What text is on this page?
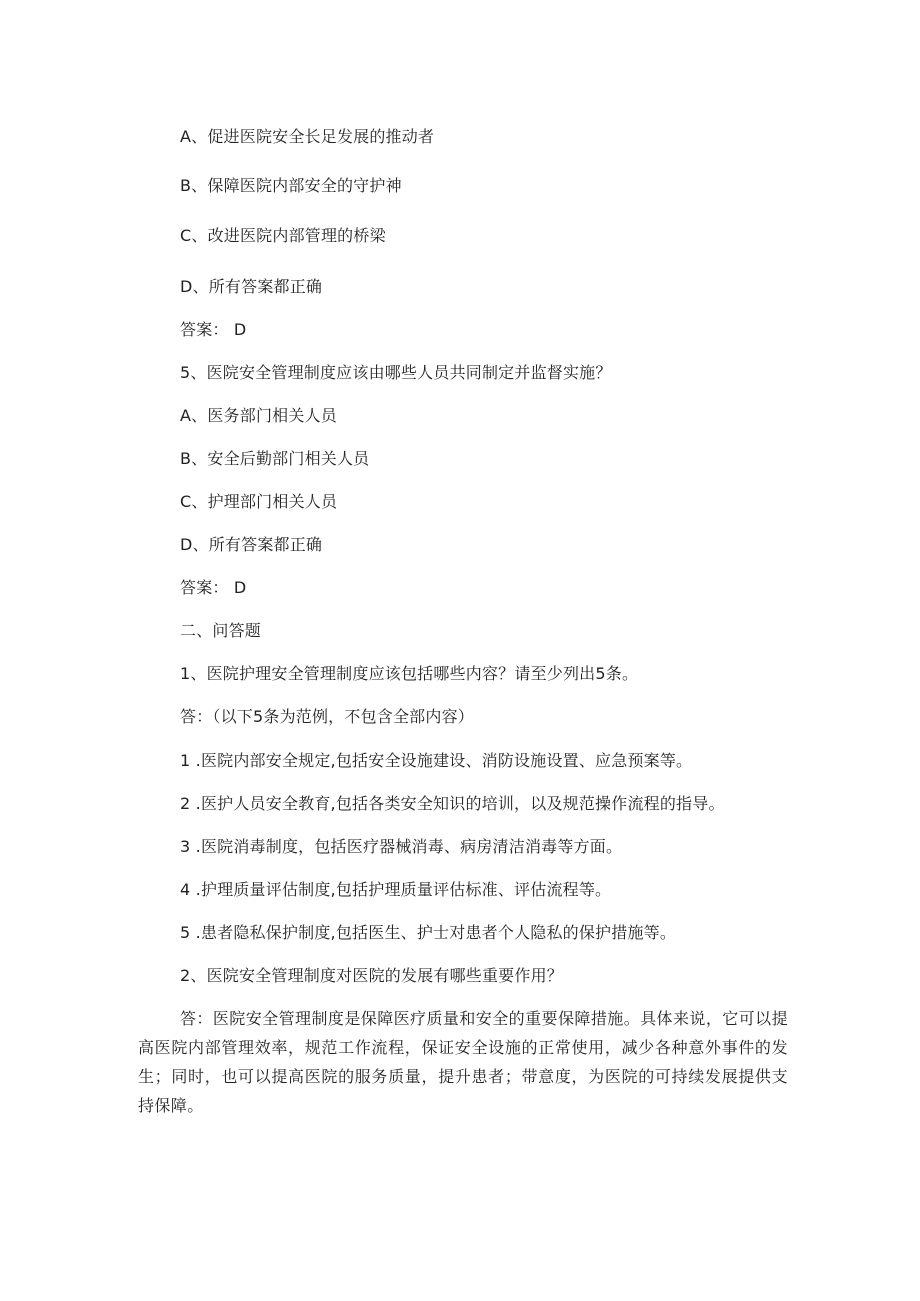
A、促进医院安全长足发展的推动者
B、保障医院内部安全的守护神
C、改进医院内部管理的桥梁
D、所有答案都正确
答案： D
5、医院安全管理制度应该由哪些人员共同制定并监督实施？
A、医务部门相关人员
B、安全后勤部门相关人员
C、护理部门相关人员
D、所有答案都正确
答案： D
二、问答题
1、医院护理安全管理制度应该包括哪些内容？请至少列出5条。
答：（以下5条为范例，不包含全部内容）
1 .医院内部安全规定,包括安全设施建设、消防设施设置、应急预案等。
2 .医护人员安全教育,包括各类安全知识的培训，以及规范操作流程的指导。
3 .医院消毒制度，包括医疗器械消毒、病房清洁消毒等方面。
4 .护理质量评估制度,包括护理质量评估标准、评估流程等。
5 .患者隐私保护制度,包括医生、护士对患者个人隐私的保护措施等。
2、医院安全管理制度对医院的发展有哪些重要作用？
答：医院安全管理制度是保障医疗质量和安全的重要保障措施。具体来说，它可以提高医院内部管理效率，规范工作流程，保证安全设施的正常使用，减少各种意外事件的发生；同时，也可以提高医院的服务质量，提升患者；带意度，为医院的可持续发展提供支持保障。
